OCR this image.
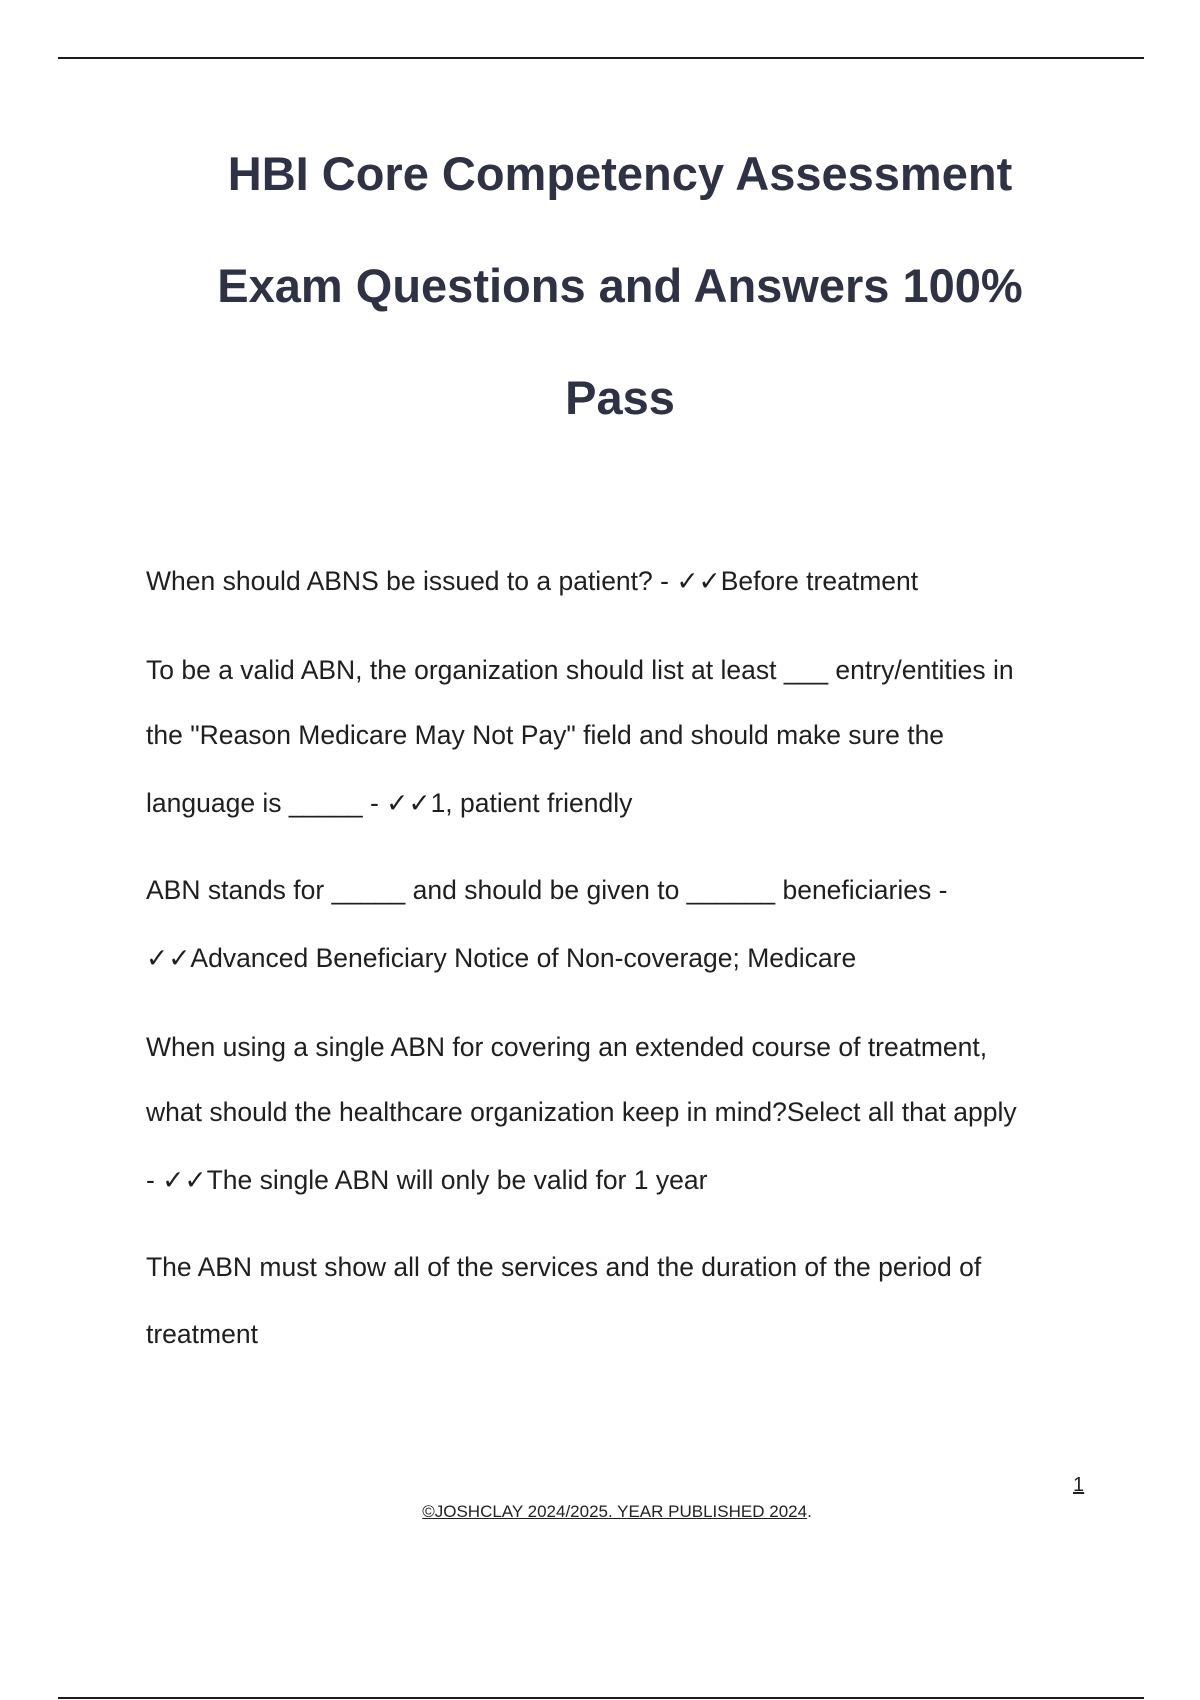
HBI Core Competency Assessment
Exam Questions and Answers 100%
Pass
When should ABNS be issued to a patient? - ✓✓Before treatment
To be a valid ABN, the organization should list at least ___ entry/entities in
the "Reason Medicare May Not Pay" field and should make sure the
language is _____ - ✓✓1, patient friendly
ABN stands for _____ and should be given to ______ beneficiaries -
✓✓Advanced Beneficiary Notice of Non-coverage; Medicare
When using a single ABN for covering an extended course of treatment,
what should the healthcare organization keep in mind?Select all that apply
- ✓✓The single ABN will only be valid for 1 year
The ABN must show all of the services and the duration of the period of
treatment
1
©JOSHCLAY 2024/2025. YEAR PUBLISHED 2024.
